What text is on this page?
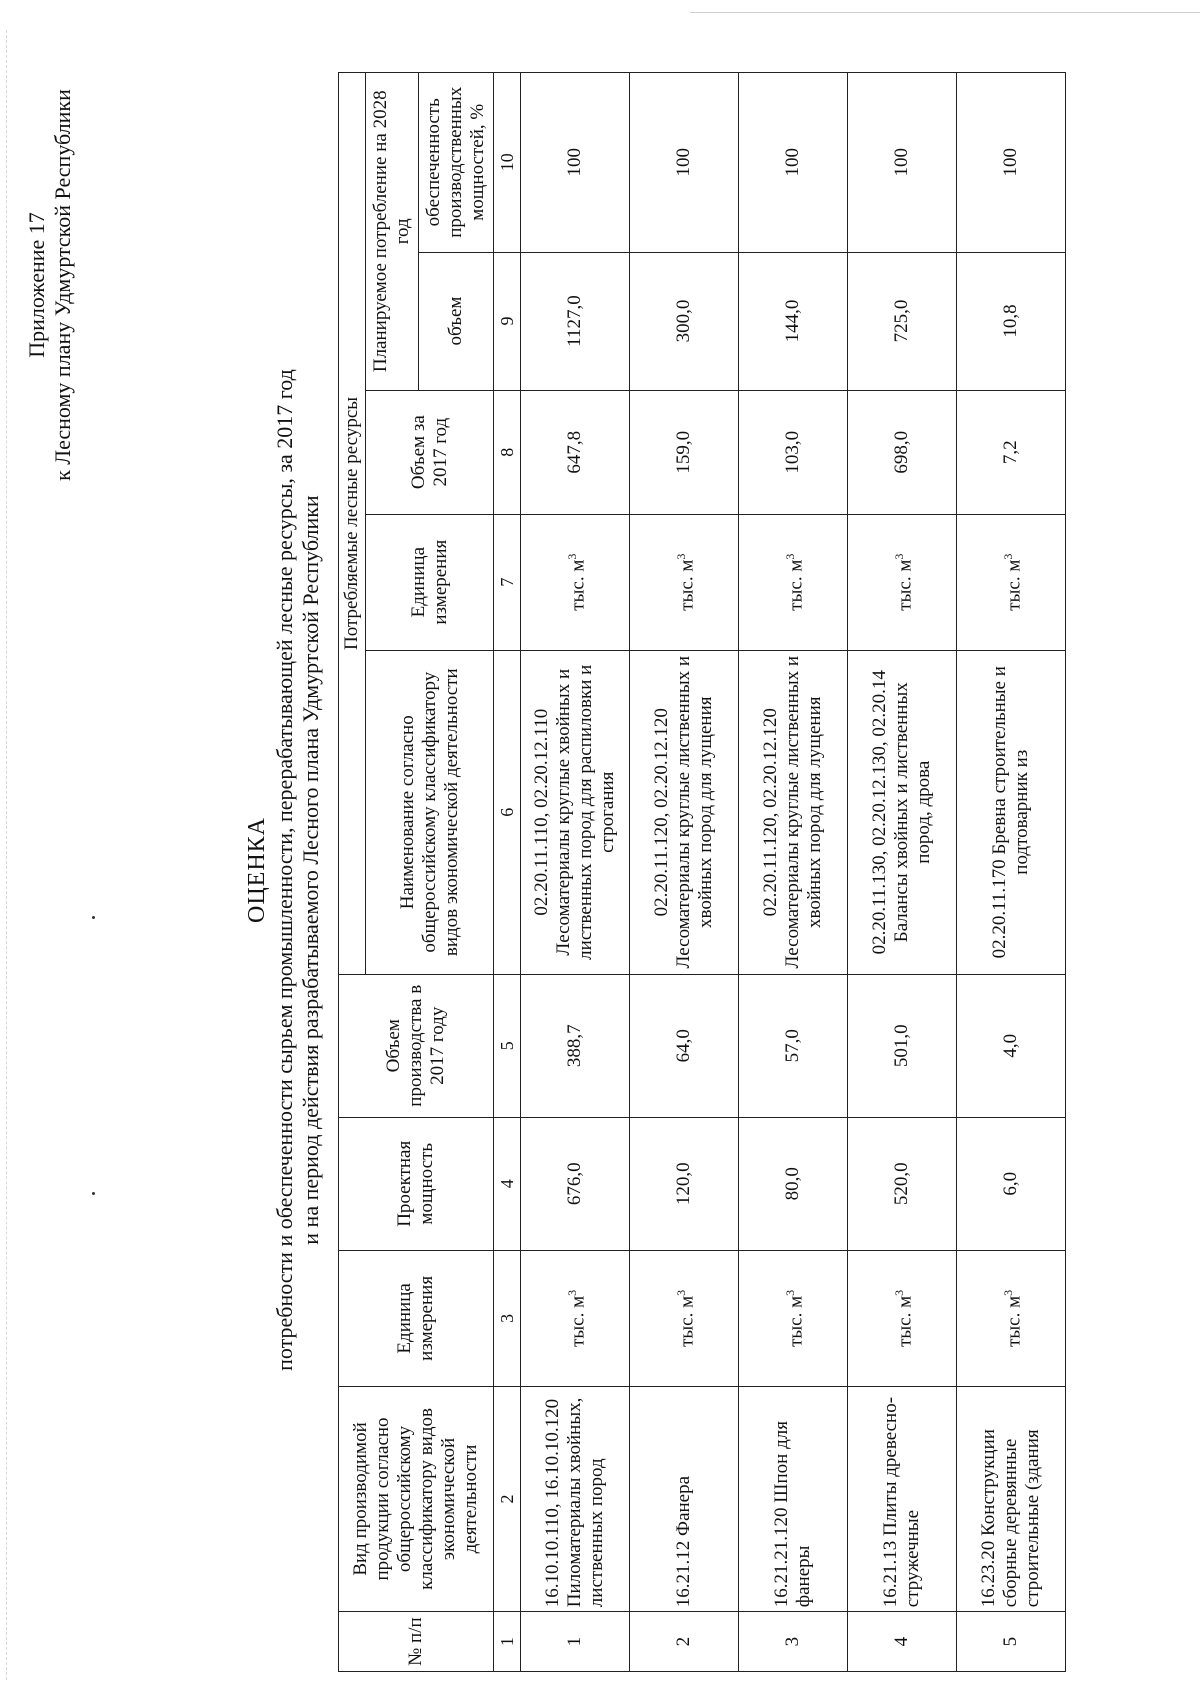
Приложение 17 к Лесному плану Удмуртской Республики
ОЦЕНКА потребности и обеспеченности сырьем промышленности, перерабатывающей лесные ресурсы, за 2017 год и на период действия разрабатываемого Лесного плана Удмуртской Республики
№ п/п	Вид производимой продукции согласно общероссийскому классификатору видов экономической деятельности	Единица измерения	Проектная мощность	Объем производства в 2017 году	Потребляемые лесные ресурсы				
					Наименование согласно общероссийскому классификатору видов экономической деятельности	Единица измерения	Объем за 2017 год	Планируемое потребление на 2028 год	
								объем	обеспеченность производственных мощностей, %
1	2	3	4	5	6	7	8	9	10
1	16.10.10.110, 16.10.10.120 Пиломатериалы хвойных, лиственных пород	тыс. $м^3$	676,0	388,7	02.20.11.110, 02.20.12.110 Лесоматериалы круглые хвойных и лиственных пород для распиловки и строгания	тыс. $м^3$	647,8	1127,0	100
2	16.21.12 Фанера	тыс. $м^3$	120,0	64,0	02.20.11.120, 02.20.12.120 Лесоматериалы круглые лиственных и хвойных пород для лущения	тыс. $м^3$	159,0	300,0	100
3	16.21.21.120 Шпон для фанеры	тыс. $м^3$	80,0	57,0	02.20.11.120, 02.20.12.120 Лесоматериалы круглые лиственных и хвойных пород для лущения	тыс. $м^3$	103,0	144,0	100
4	16.21.13 Плиты древесно-стружечные	тыс. $м^3$	520,0	501,0	02.20.11.130, 02.20.12.130, 02.20.14 Балансы хвойных и лиственных пород, дрова	тыс. $м^3$	698,0	725,0	100
5	16.23.20 Конструкции сборные деревянные строительные (здания	тыс. $м^3$	6,0	4,0	02.20.11.170 Бревна строительные и подтоварник из	тыс. $м^3$	7,2	10,8	100
